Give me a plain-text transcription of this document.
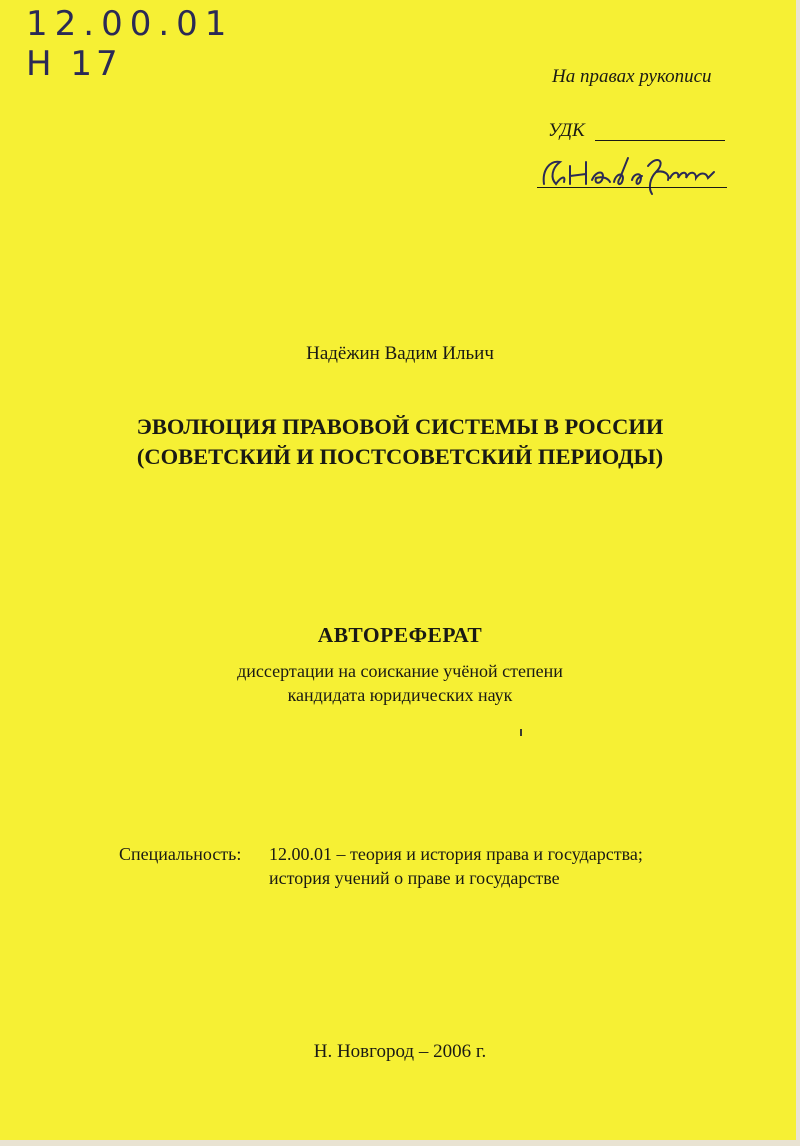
12.00.01
Н 17	На правах рукописи
УДК
Надёжин Вадим Ильич
ЭВОЛЮЦИЯ ПРАВОВОЙ СИСТЕМЫ В РОССИИ
(СОВЕТСКИЙ И ПОСТСОВЕТСКИЙ ПЕРИОДЫ)
АВТОРЕФЕРАТ
диссертации на соискание учёной степени
кандидата юридических наук
Специальность: 12.00.01 – теория и история права и государства;
история учений о праве и государстве
Н. Новгород – 2006 г.
